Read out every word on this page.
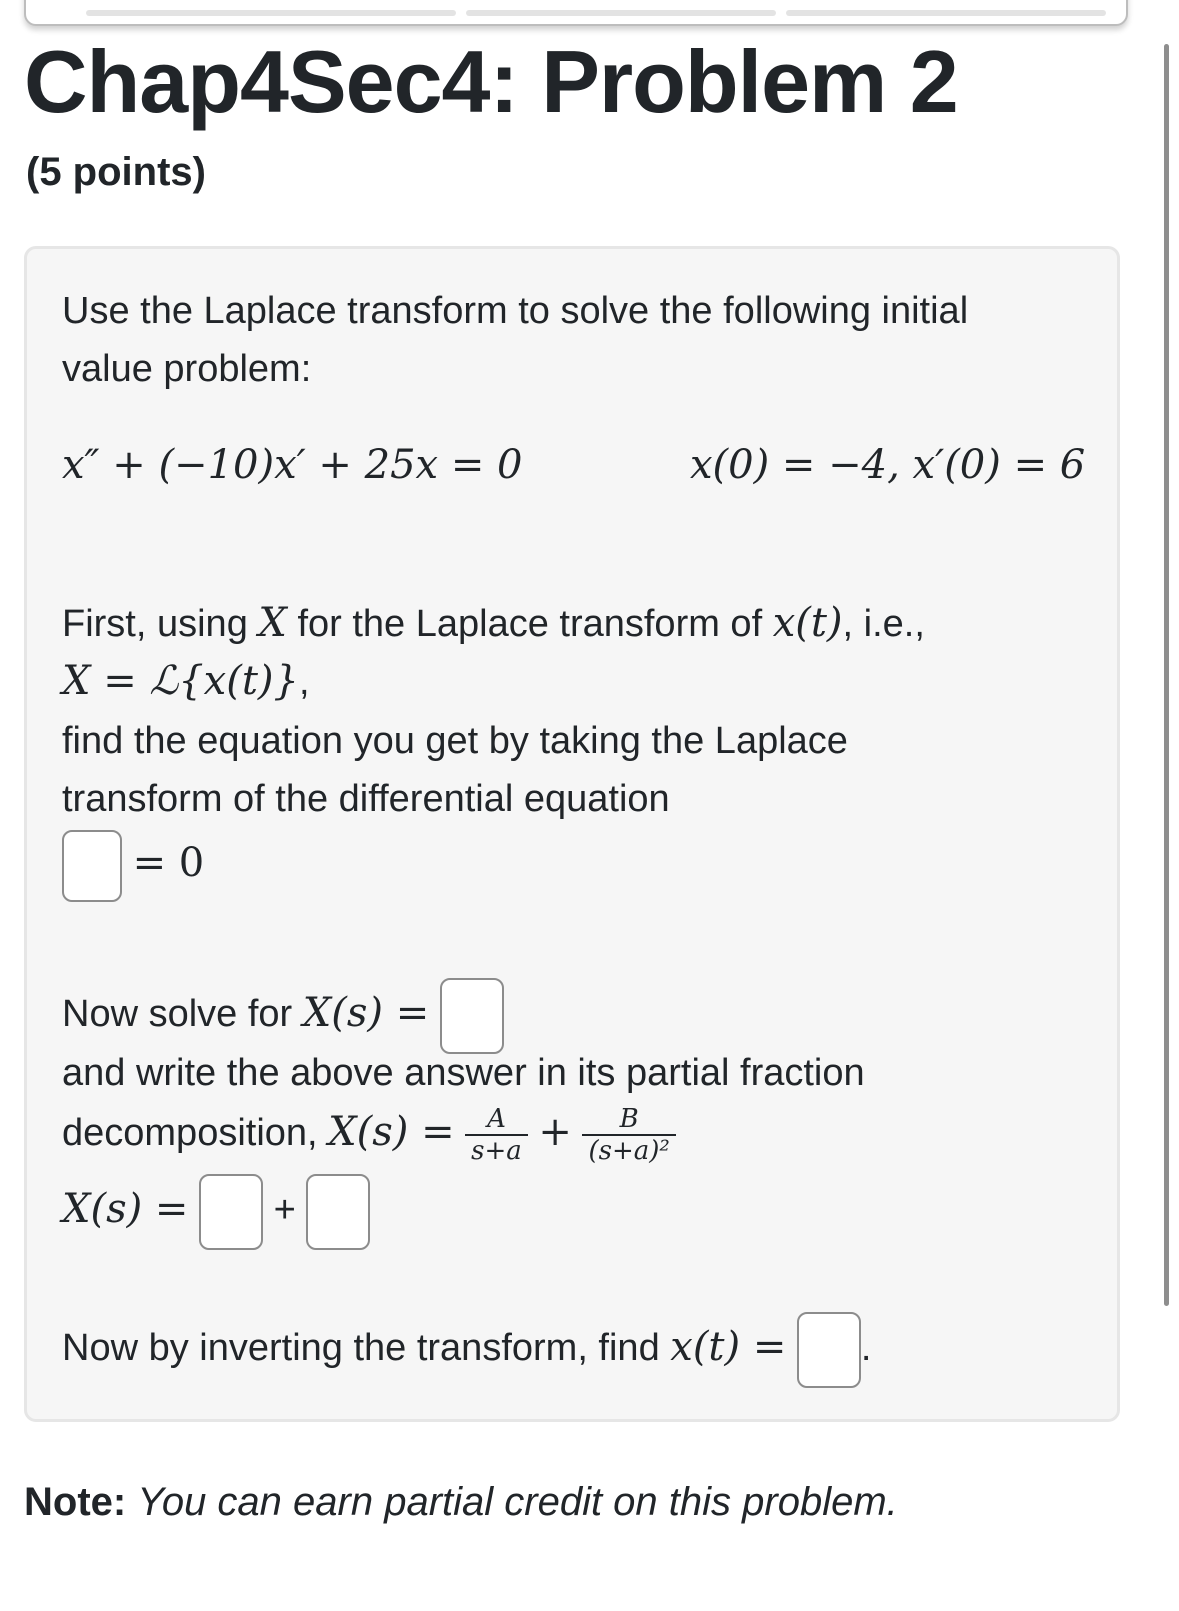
Chap4Sec4: Problem 2
(5 points)
Use the Laplace transform to solve the following initial
value problem:
x″ + (−10)x′ + 25x = 0	x(0) = −4, x′(0) = 6
First, using X for the Laplace transform of x(t), i.e.,
X = ℒ{x(t)},
find the equation you get by taking the Laplace
transform of the differential equation
= 0
Now solve for X(s) =
and write the above answer in its partial fraction
decomposition, $X(s) = \frac{A}{s+a} + \frac{B}{\text{(s+a)²}}$
X(s) = +
Now by inverting the transform, find x(t) = .
Note: You can earn partial credit on this problem.
